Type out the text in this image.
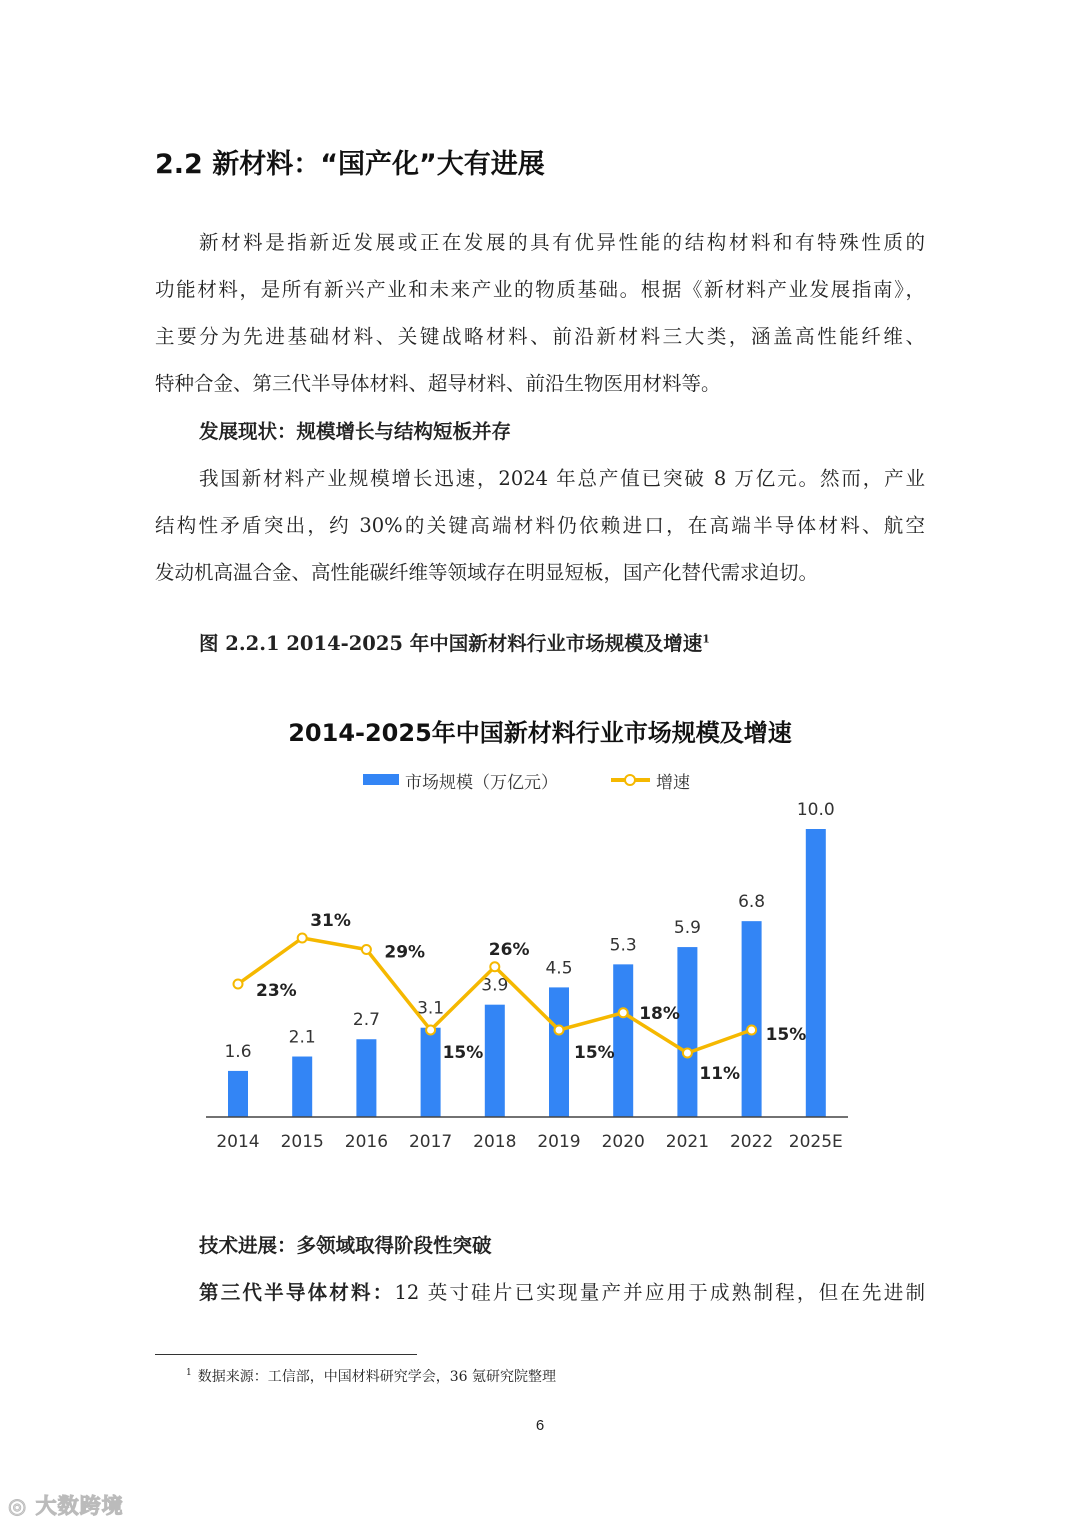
2.2 新材料：“国产化”大有进展
新材料是指新近发展或正在发展的具有优异性能的结构材料和有特殊性质的
功能材料，是所有新兴产业和未来产业的物质基础。根据《新材料产业发展指南》，
主要分为先进基础材料、关键战略材料、前沿新材料三大类，涵盖高性能纤维、
特种合金、第三代半导体材料、超导材料、前沿生物医用材料等。
发展现状：规模增长与结构短板并存
我国新材料产业规模增长迅速，2024 年总产值已突破 8 万亿元。然而，产业
结构性矛盾突出，约 30%的关键高端材料仍依赖进口，在高端半导体材料、航空
发动机高温合金、高性能碳纤维等领域存在明显短板，国产化替代需求迫切。
图 2.2.1 2014-2025 年中国新材料行业市场规模及增速$^1$
2014-2025年中国新材料行业市场规模及增速
市场规模（万亿元）	增速
1.6
2.1
2.7
3.1
3.9
4.5
5.3
5.9
6.8
10.0
23%
31%
29%
15%
26%
15%
18%
11%
15%
2014 2015 2016 2017 2018 2019 2020 2021 2022 2025E
技术进展：多领域取得阶段性突破
第三代半导体材料：12 英寸硅片已实现量产并应用于成熟制程，但在先进制
$^1$ 数据来源：工信部，中国材料研究学会，36 氪研究院整理
6
◎ 大数跨境
